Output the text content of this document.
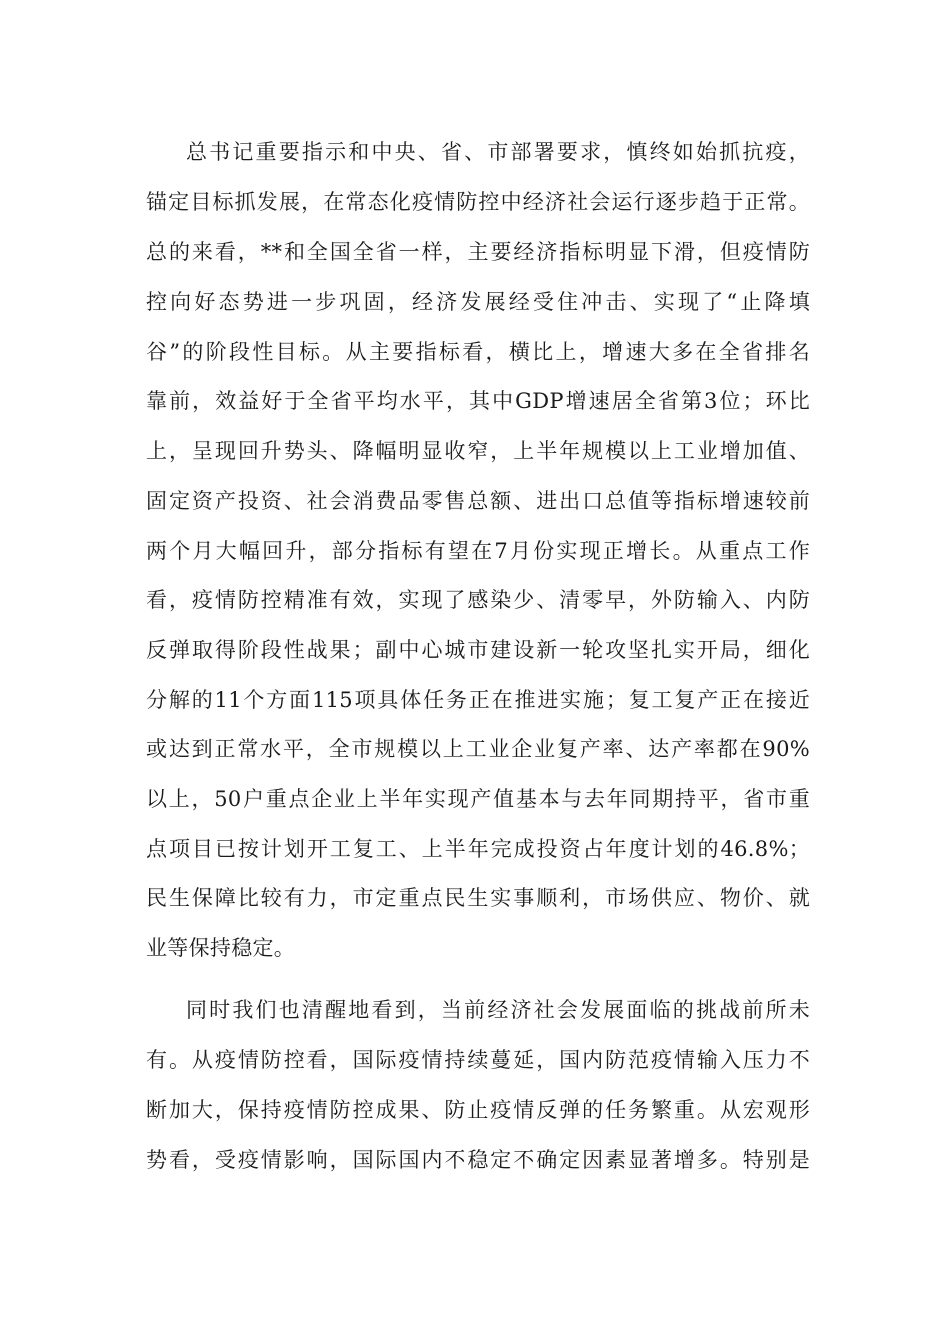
总书记重要指示和中央、省、市部署要求，慎终如始抓抗疫，
锚定目标抓发展，在常态化疫情防控中经济社会运行逐步趋于正常。
总的来看，**和全国全省一样，主要经济指标明显下滑，但疫情防
控向好态势进一步巩固，经济发展经受住冲击、实现了“止降填
谷”的阶段性目标。从主要指标看，横比上，增速大多在全省排名
靠前，效益好于全省平均水平，其中GDP增速居全省第3位；环比
上，呈现回升势头、降幅明显收窄，上半年规模以上工业增加值、
固定资产投资、社会消费品零售总额、进出口总值等指标增速较前
两个月大幅回升，部分指标有望在7月份实现正增长。从重点工作
看，疫情防控精准有效，实现了感染少、清零早，外防输入、内防
反弹取得阶段性战果；副中心城市建设新一轮攻坚扎实开局，细化
分解的11个方面115项具体任务正在推进实施；复工复产正在接近
或达到正常水平，全市规模以上工业企业复产率、达产率都在90%
以上，50户重点企业上半年实现产值基本与去年同期持平，省市重
点项目已按计划开工复工、上半年完成投资占年度计划的46.8%；
民生保障比较有力，市定重点民生实事顺利，市场供应、物价、就
业等保持稳定。
同时我们也清醒地看到，当前经济社会发展面临的挑战前所未
有。从疫情防控看，国际疫情持续蔓延，国内防范疫情输入压力不
断加大，保持疫情防控成果、防止疫情反弹的任务繁重。从宏观形
势看，受疫情影响，国际国内不稳定不确定因素显著增多。特别是
